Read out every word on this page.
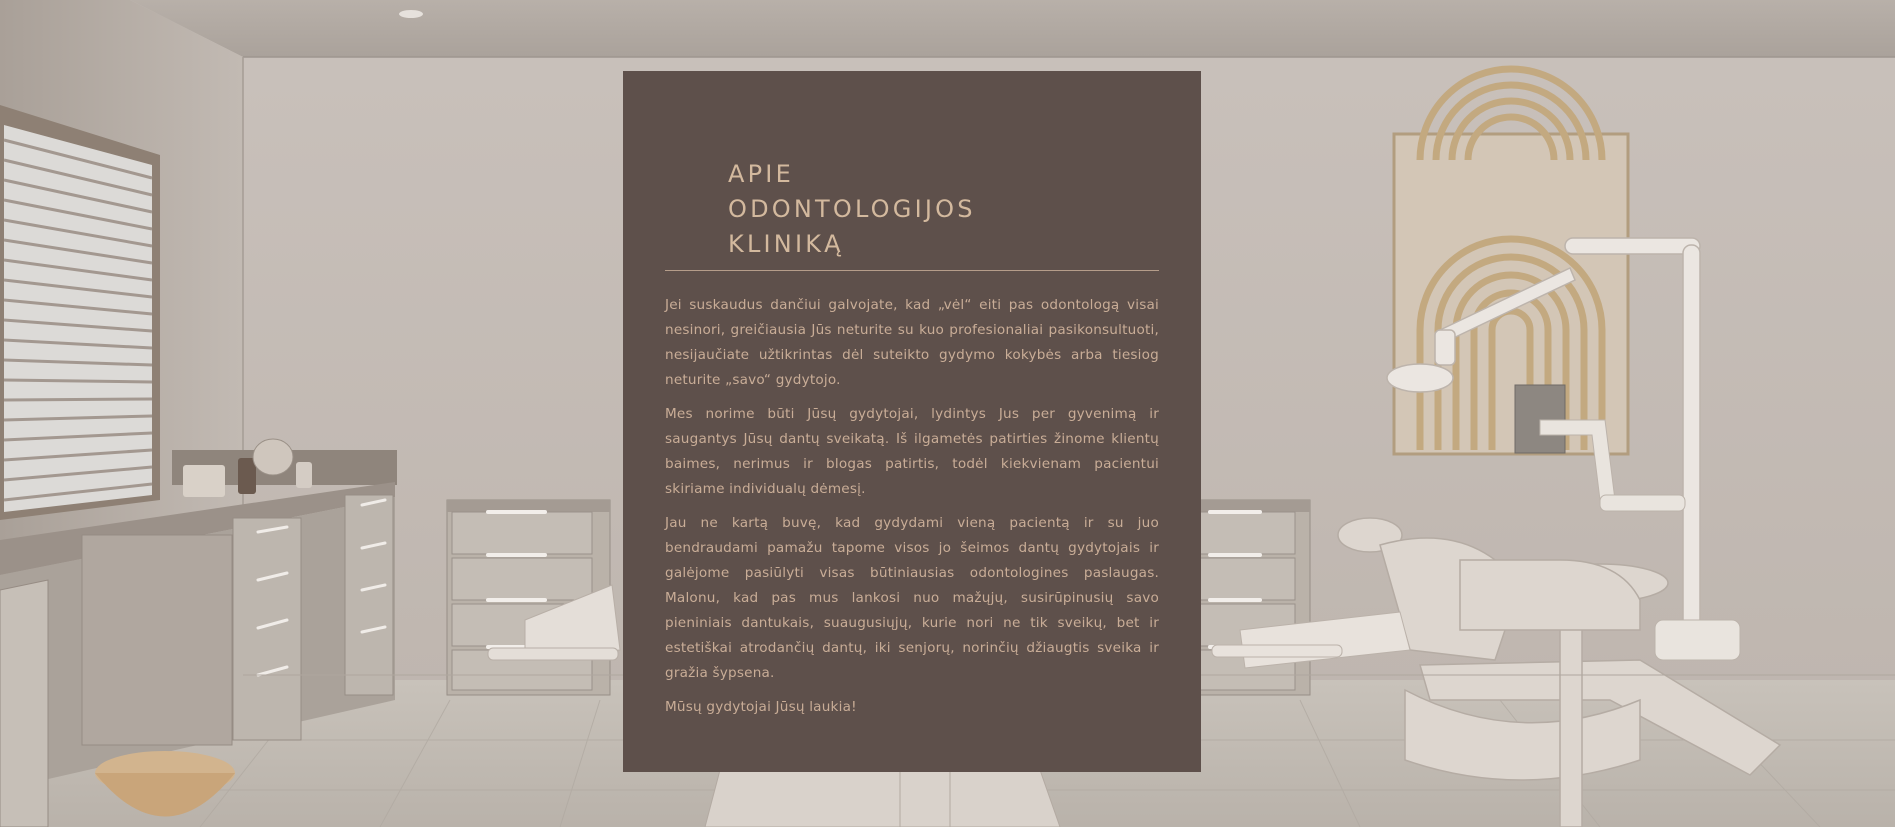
APIE
ODONTOLOGIJOS
KLINIKĄ

Jei suskaudus dančiui galvojate, kad „vėl“ eiti pas odontologą visai nesinori, greičiausia Jūs neturite su kuo profesionaliai pasikonsultuoti, nesijaučiate užtikrintas dėl suteikto gydymo kokybės arba tiesiog neturite „savo“ gydytojo.

Mes norime būti Jūsų gydytojai, lydintys Jus per gyvenimą ir saugantys Jūsų dantų sveikatą. Iš ilgametės patirties žinome klientų baimes, nerimus ir blogas patirtis, todėl kiekvienam pacientui skiriame individualų dėmesį.

Jau ne kartą buvę, kad gydydami vieną pacientą ir su juo bendraudami pamažu tapome visos jo šeimos dantų gydytojais ir galėjome pasiūlyti visas būtiniausias odontologines paslaugas. Malonu, kad pas mus lankosi nuo mažųjų, susirūpinusių savo pieniniais dantukais, suaugusiųjų, kurie nori ne tik sveikų, bet ir estetiškai atrodančių dantų, iki senjorų, norinčių džiaugtis sveika ir gražia šypsena.

Mūsų gydytojai Jūsų laukia!
